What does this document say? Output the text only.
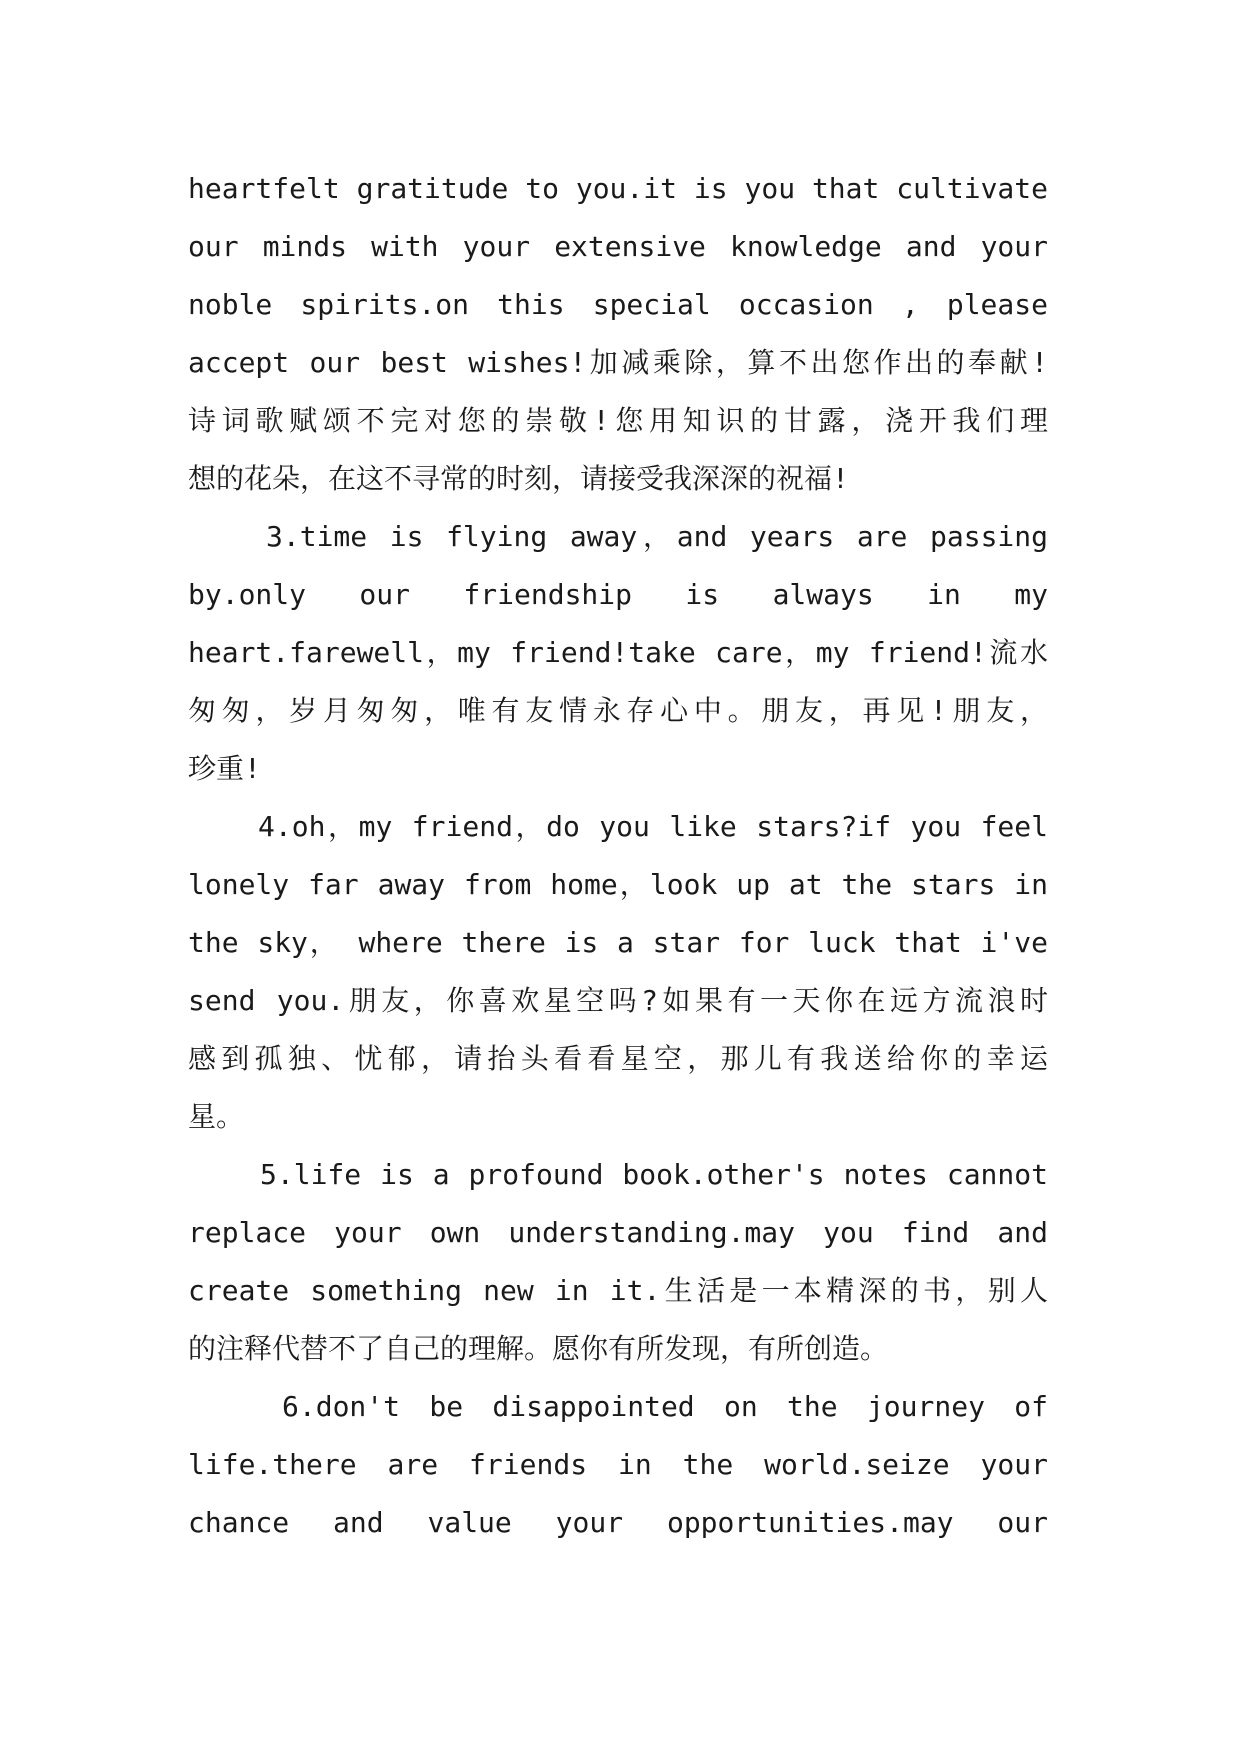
heartfelt gratitude to you.it is you that cultivate
our minds with your extensive knowledge and your
noble spirits.on this special occasion , please
accept our best wishes!加减乘除，算不出您作出的奉献!
诗词歌赋颂不完对您的崇敬!您用知识的甘露，浇开我们理
想的花朵，在这不寻常的时刻，请接受我深深的祝福!
3.time is flying away，and years are passing
by.only our friendship is always in my
heart.farewell，my friend!take care，my friend!流水
匆匆，岁月匆匆，唯有友情永存心中。朋友，再见!朋友，
珍重!
4.oh，my friend，do you like stars?if you feel
lonely far away from home，look up at the stars in
the sky， where there is a star for luck that i've
send you.朋友，你喜欢星空吗?如果有一天你在远方流浪时
感到孤独、忧郁，请抬头看看星空，那儿有我送给你的幸运
星。
5.life is a profound book.other's notes cannot
replace your own understanding.may you find and
create something new in it.生活是一本精深的书，别人
的注释代替不了自己的理解。愿你有所发现，有所创造。
6.don't be disappointed on the journey of
life.there are friends in the world.seize your
chance and value your opportunities.may our
